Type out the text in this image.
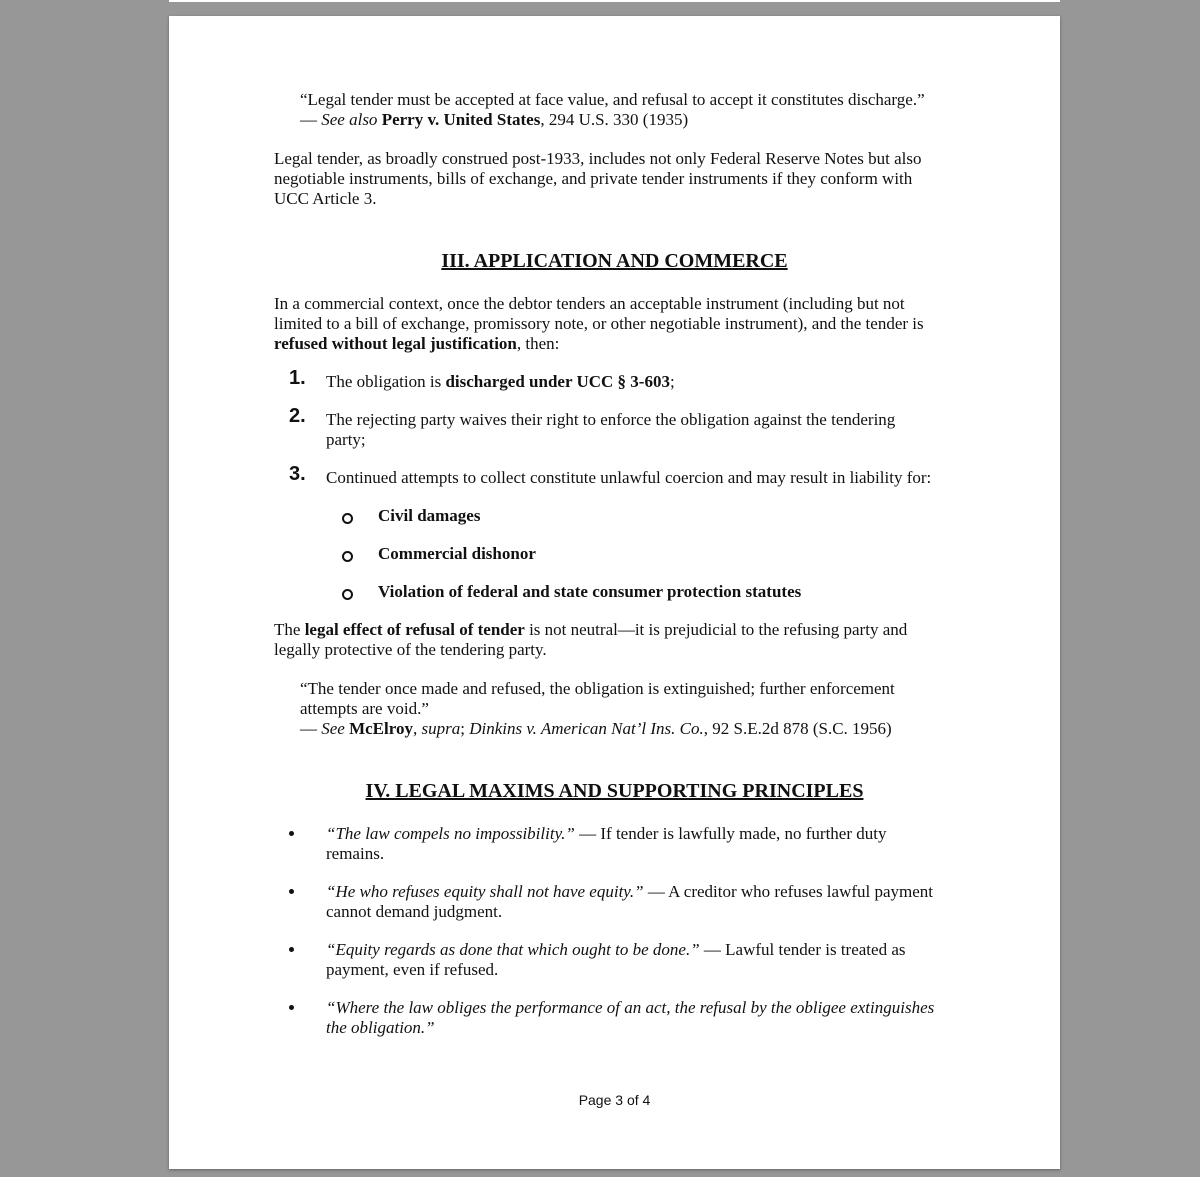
“Legal tender must be accepted at face value, and refusal to accept it constitutes discharge.”

— See also Perry v. United States, 294 U.S. 330 (1935)

Legal tender, as broadly construed post-1933, includes not only Federal Reserve Notes but also

negotiable instruments, bills of exchange, and private tender instruments if they conform with

UCC Article 3.

III. APPLICATION AND COMMERCE

In a commercial context, once the debtor tenders an acceptable instrument (including but not

limited to a bill of exchange, promissory note, or other negotiable instrument), and the tender is

refused without legal justification, then:

1. The obligation is discharged under UCC § 3-603;

2. The rejecting party waives their right to enforce the obligation against the tendering

party;

3. Continued attempts to collect constitute unlawful coercion and may result in liability for:

Civil damages

Commercial dishonor

Violation of federal and state consumer protection statutes

The legal effect of refusal of tender is not neutral—it is prejudicial to the refusing party and

legally protective of the tendering party.

“The tender once made and refused, the obligation is extinguished; further enforcement

attempts are void.”

— See McElroy, supra; Dinkins v. American Nat’l Ins. Co., 92 S.E.2d 878 (S.C. 1956)

IV. LEGAL MAXIMS AND SUPPORTING PRINCIPLES

“The law compels no impossibility.” — If tender is lawfully made, no further duty

remains.

“He who refuses equity shall not have equity.” — A creditor who refuses lawful payment

cannot demand judgment.

“Equity regards as done that which ought to be done.” — Lawful tender is treated as

payment, even if refused.

“Where the law obliges the performance of an act, the refusal by the obligee extinguishes

the obligation.”

Page 3 of 4
